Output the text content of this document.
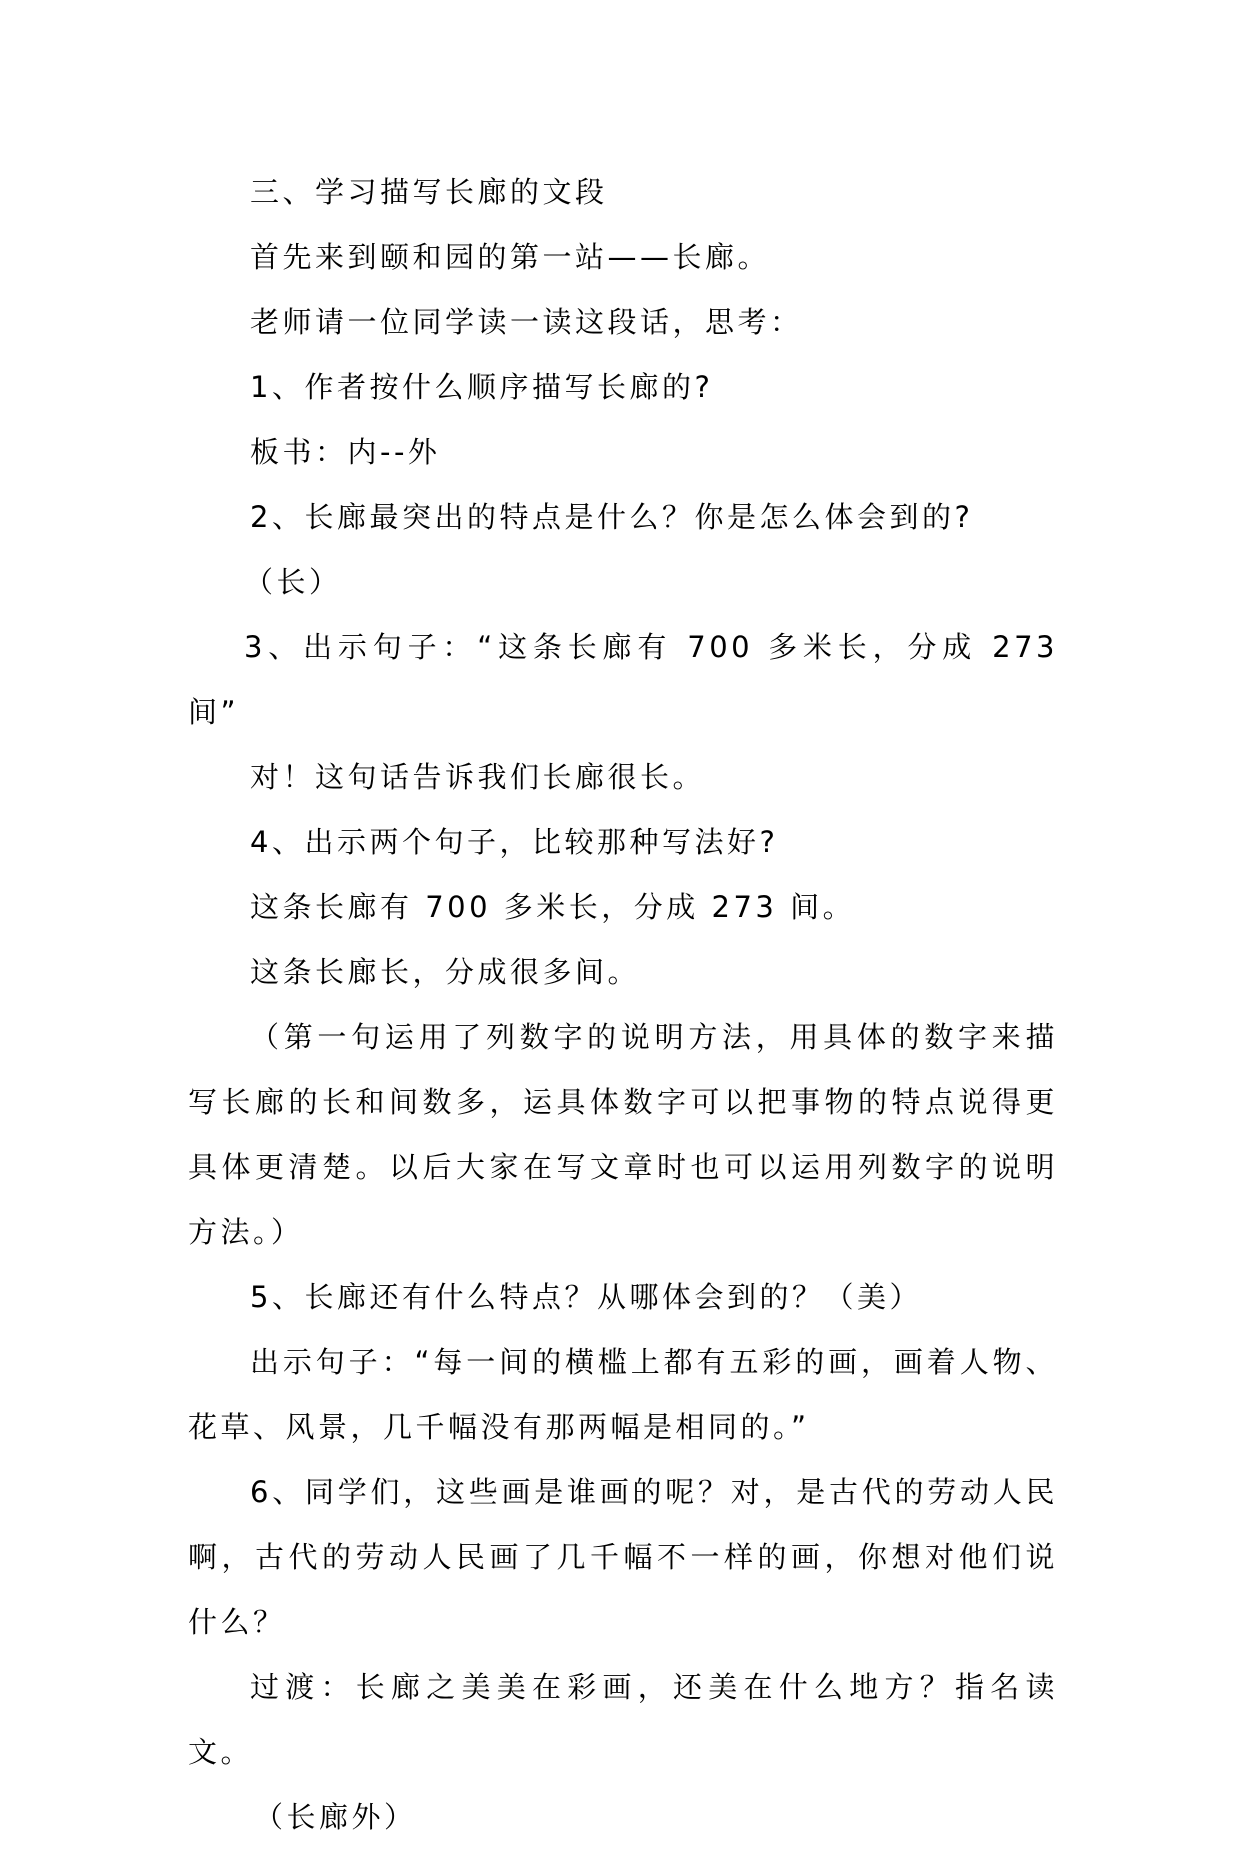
三、学习描写长廊的文段

首先来到颐和园的第一站——长廊。

老师请一位同学读一读这段话，思考：

1、作者按什么顺序描写长廊的?

板书：内--外

2、长廊最突出的特点是什么？你是怎么体会到的?

（长）

3、出示句子：“这条长廊有 700 多米长，分成 273 间”

对！这句话告诉我们长廊很长。

4、出示两个句子，比较那种写法好?

这条长廊有 700 多米长，分成 273 间。

这条长廊长，分成很多间。

（第一句运用了列数字的说明方法，用具体的数字来描写长廊的长和间数多，运具体数字可以把事物的特点说得更具体更清楚。以后大家在写文章时也可以运用列数字的说明方法。）

5、长廊还有什么特点？从哪体会到的？（美）

出示句子：“每一间的横槛上都有五彩的画，画着人物、花草、风景，几千幅没有那两幅是相同的。”

6、同学们，这些画是谁画的呢？对，是古代的劳动人民啊，古代的劳动人民画了几千幅不一样的画，你想对他们说什么？

过渡：长廊之美美在彩画，还美在什么地方？指名读文。

（长廊外）
